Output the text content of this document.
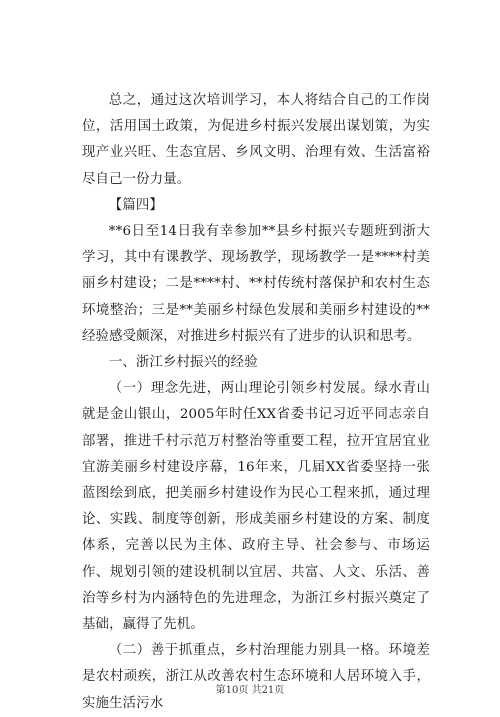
总之，通过这次培训学习，本人将结合自己的工作岗位，活用国土政策，为促进乡村振兴发展出谋划策，为实现产业兴旺、生态宜居、乡风文明、治理有效、生活富裕尽自己一份力量。

【篇四】

**6日至14日我有幸参加**县乡村振兴专题班到浙大学习，其中有课教学、现场教学，现场教学一是****村美丽乡村建设；二是****村、**村传统村落保护和农村生态环境整治；三是**美丽乡村绿色发展和美丽乡村建设的**经验感受颇深，对推进乡村振兴有了进步的认识和思考。

一、浙江乡村振兴的经验

（一）理念先进，两山理论引领乡村发展。绿水青山就是金山银山，2005年时任XX省委书记习近平同志亲自部署，推进千村示范万村整治等重要工程，拉开宜居宜业宜游美丽乡村建设序幕，16年来，几届XX省委坚持一张蓝图绘到底，把美丽乡村建设作为民心工程来抓，通过理论、实践、制度等创新，形成美丽乡村建设的方案、制度体系，完善以民为主体、政府主导、社会参与、市场运作、规划引领的建设机制以宜居、共富、人文、乐活、善治等乡村为内涵特色的先进理念，为浙江乡村振兴奠定了基础，赢得了先机。

（二）善于抓重点，乡村治理能力别具一格。环境差是农村顽疾，浙江从改善农村生态环境和人居环境入手，实施生活污水

第10页 共21页
